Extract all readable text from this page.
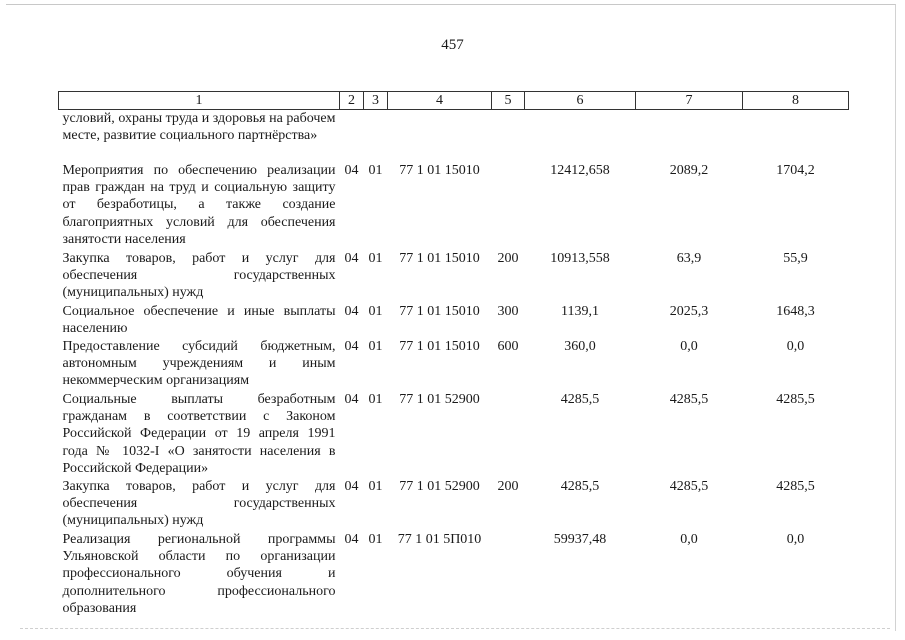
457
1	2	3	4	5	6	7	8
условий, охраны труда и здоровья на рабочем месте, развитие социального партнёрства»							
Мероприятия по обеспечению реализации прав граждан на труд и социальную защиту от безработицы, а также создание благоприятных условий для обеспечения занятости населения	04	01	77 1 01 15010		12412,658	2089,2	1704,2
Закупка товаров, работ и услуг для обеспечения государственных (муниципальных) нужд	04	01	77 1 01 15010	200	10913,558	63,9	55,9
Социальное обеспечение и иные выплаты населению	04	01	77 1 01 15010	300	1139,1	2025,3	1648,3
Предоставление субсидий бюджетным, автономным учреждениям и иным некоммерческим организациям	04	01	77 1 01 15010	600	360,0	0,0	0,0
Социальные выплаты безработным гражданам в соответствии с Законом Российской Федерации от 19 апреля 1991 года № 1032-I «О занятости населения в Российской Федерации»	04	01	77 1 01 52900		4285,5	4285,5	4285,5
Закупка товаров, работ и услуг для обеспечения государственных (муниципальных) нужд	04	01	77 1 01 52900	200	4285,5	4285,5	4285,5
Реализация региональной программы Ульяновской области по организации профессионального обучения и дополнительного профессионального образования	04	01	77 1 01 5П010		59937,48	0,0	0,0
